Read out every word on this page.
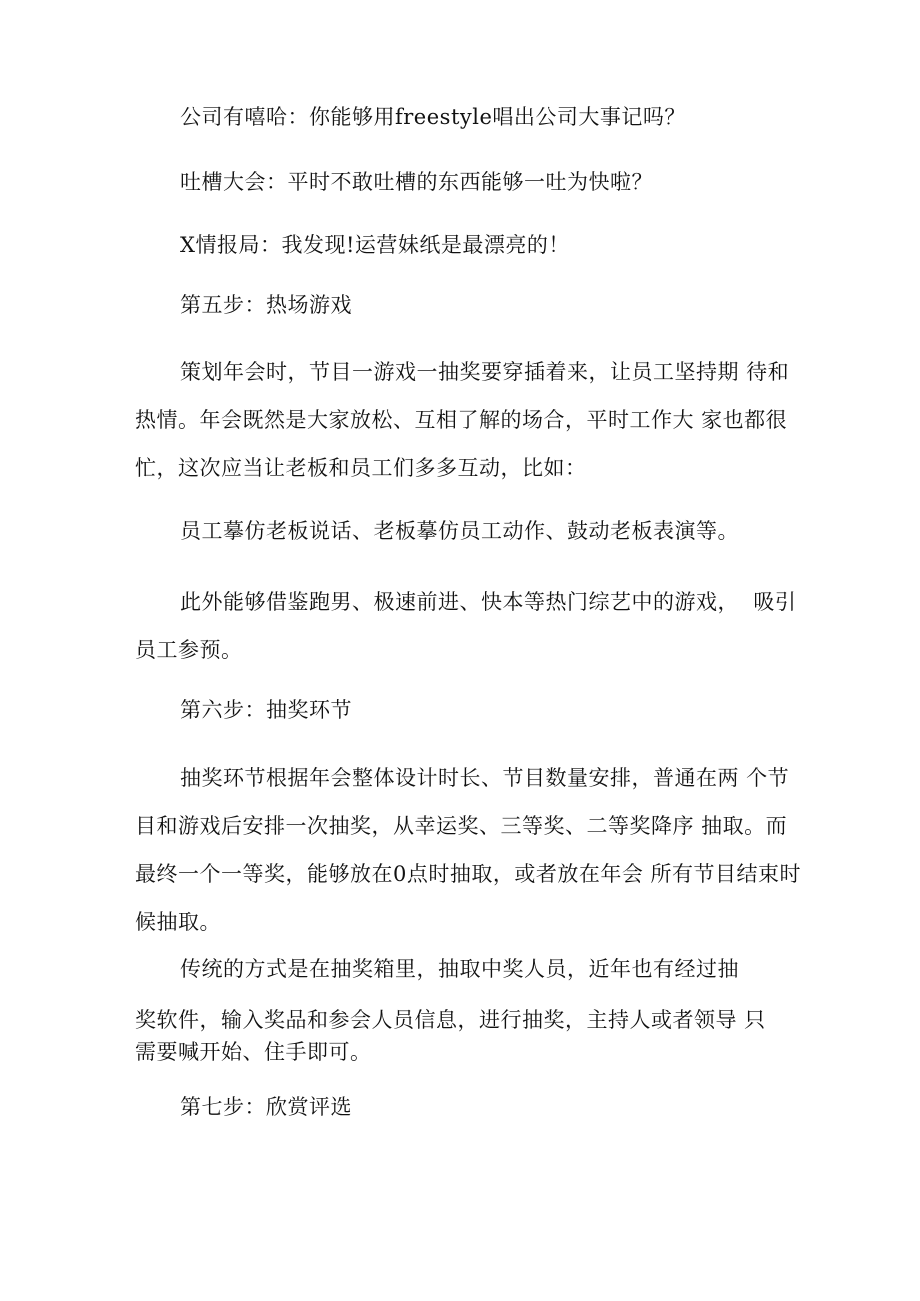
公司有嘻哈：你能够用freestyle唱出公司大事记吗？

吐槽大会：平时不敢吐槽的东西能够一吐为快啦？

X情报局：我发现!运营妹纸是最漂亮的！

第五步：热场游戏

策划年会时，节目一游戏一抽奖要穿插着来，让员工坚持期 待和

热情。年会既然是大家放松、互相了解的场合，平时工作大 家也都很

忙，这次应当让老板和员工们多多互动，比如：

员工摹仿老板说话、老板摹仿员工动作、鼓动老板表演等。

此外能够借鉴跑男、极速前进、快本等热门综艺中的游戏，  吸引

员工参预。

第六步：抽奖环节

抽奖环节根据年会整体设计时长、节目数量安排，普通在两 个节

目和游戏后安排一次抽奖，从幸运奖、三等奖、二等奖降序 抽取。而

最终一个一等奖，能够放在0点时抽取，或者放在年会 所有节目结束时

候抽取。

传统的方式是在抽奖箱里，抽取中奖人员，近年也有经过抽

奖软件，输入奖品和参会人员信息，进行抽奖，主持人或者领导 只

需要喊开始、住手即可。

第七步：欣赏评选
